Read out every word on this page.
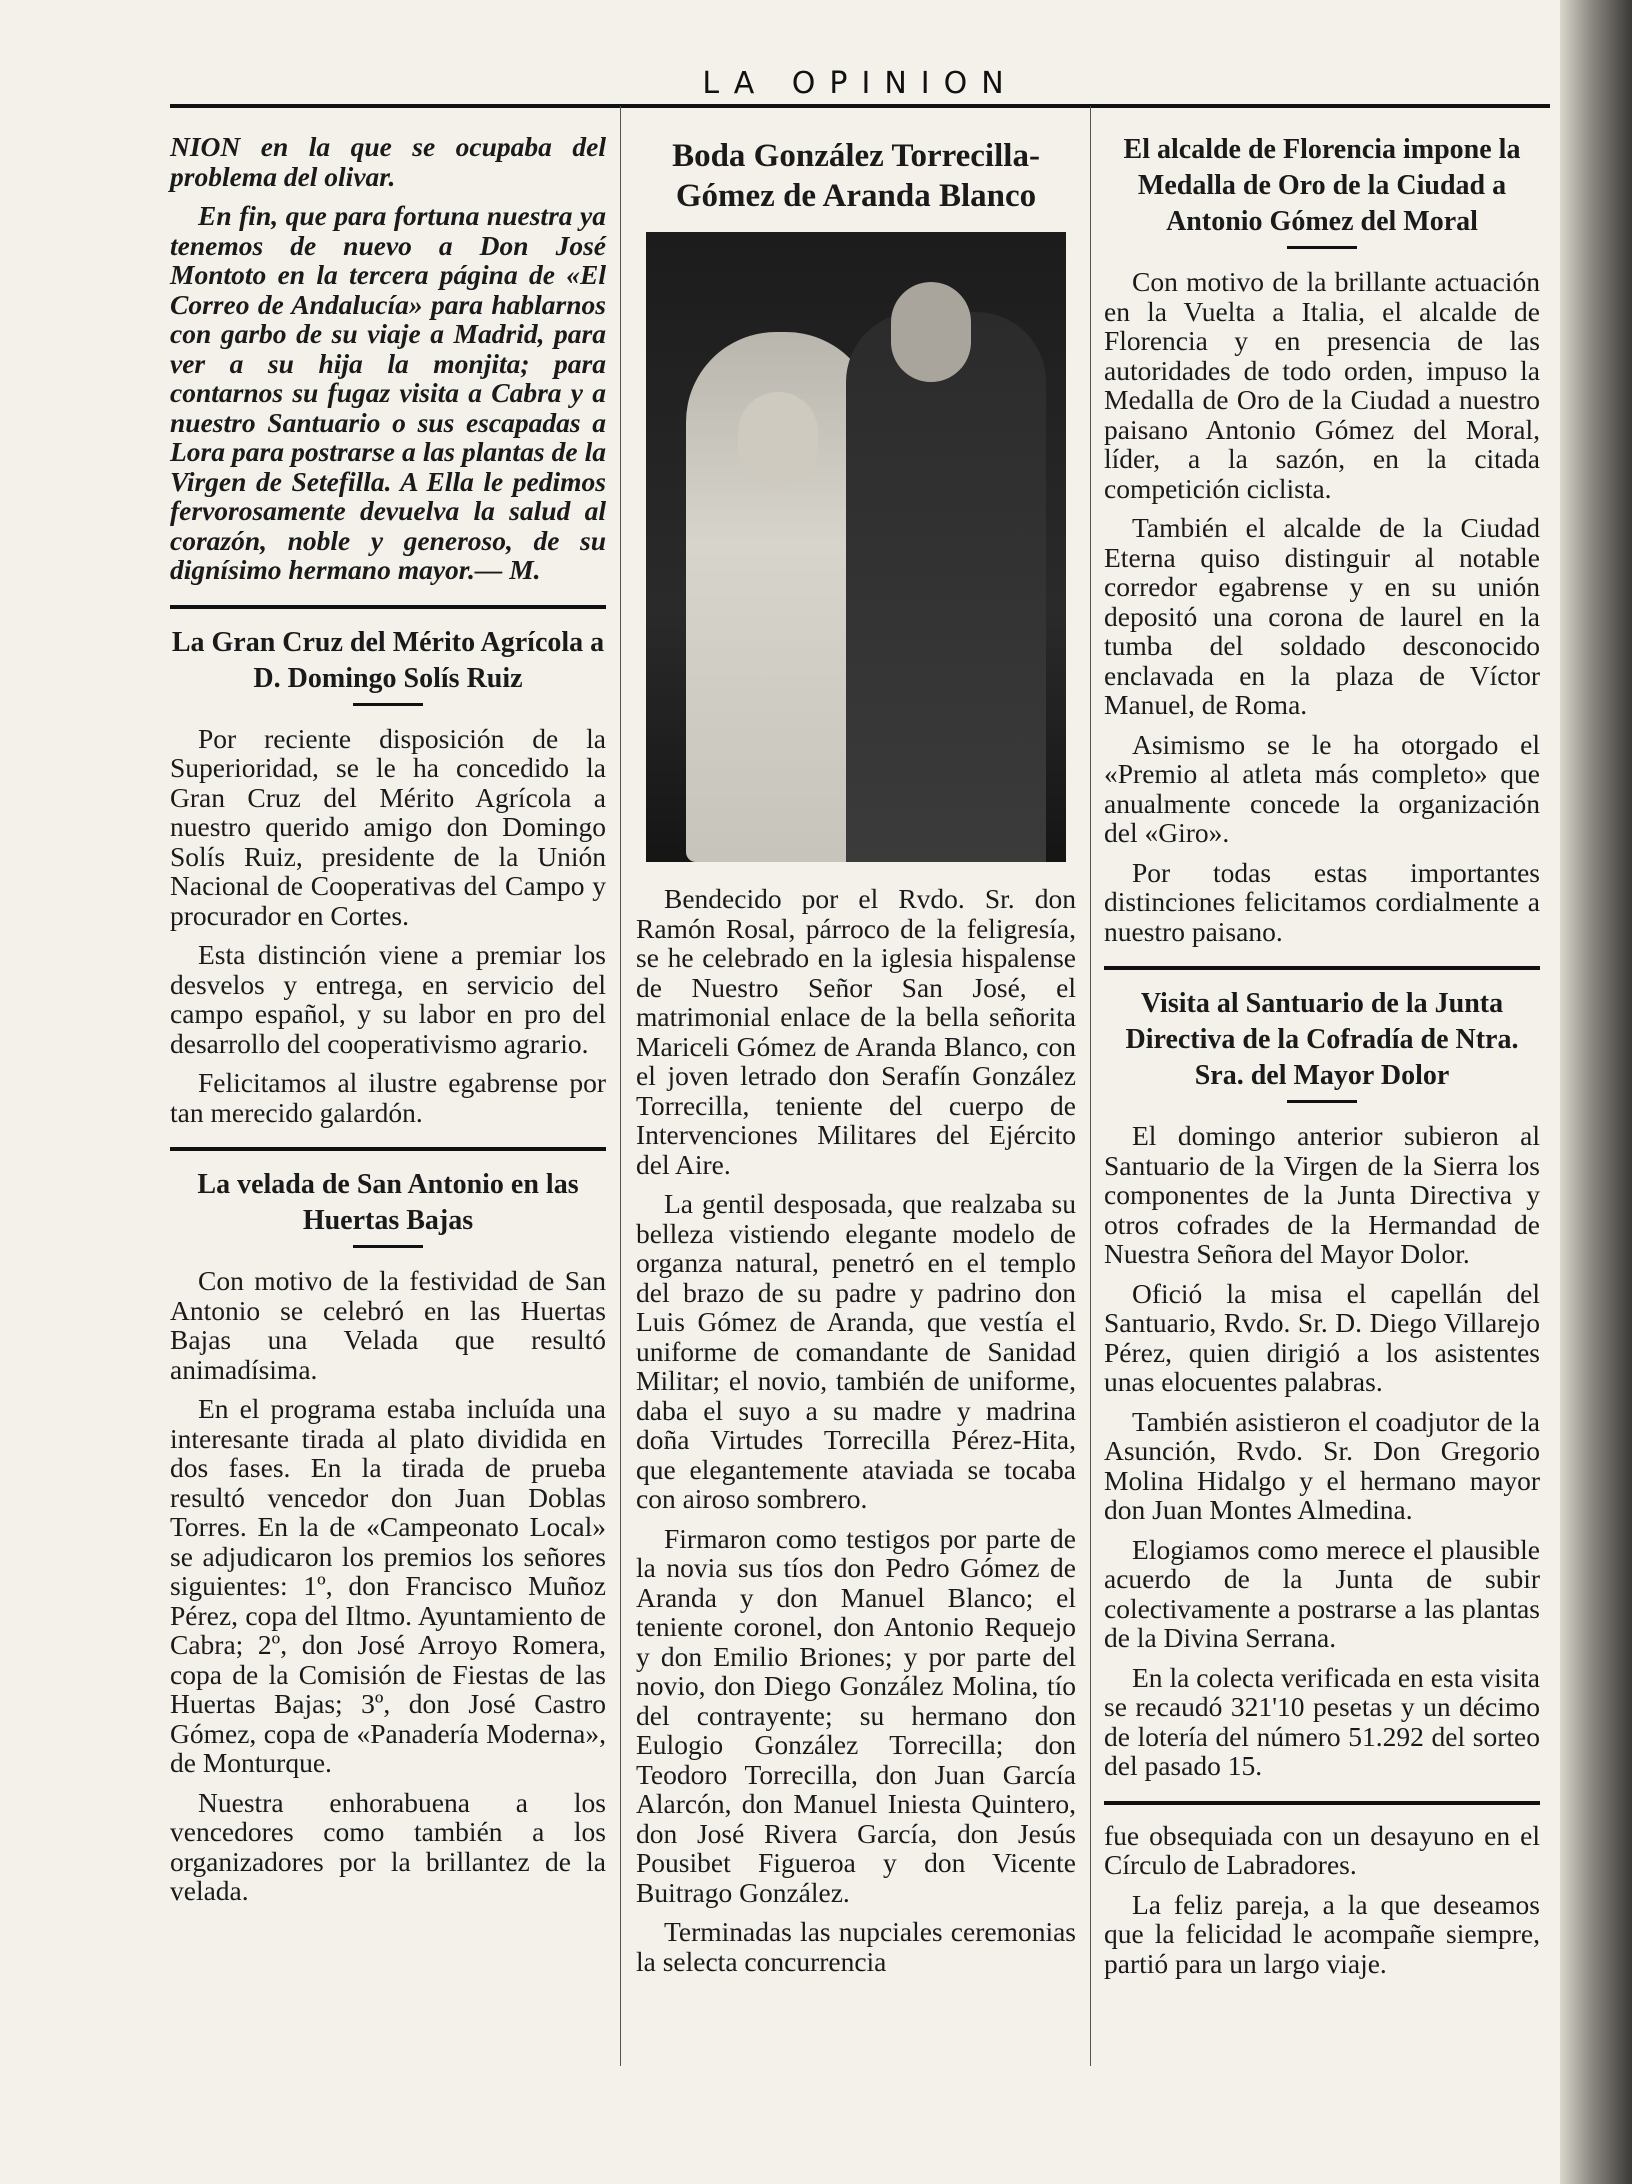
LA OPINION

NION en la que se ocupaba del problema del olivar.

En fin, que para fortuna nuestra ya tenemos de nuevo a Don José Montoto en la tercera página de «El Correo de Andalucía» para hablarnos con garbo de su viaje a Madrid, para ver a su hija la monjita; para contarnos su fugaz visita a Cabra y a nuestro Santuario o sus escapadas a Lora para postrarse a las plantas de la Virgen de Setefilla. A Ella le pedimos fervorosamente devuelva la salud al corazón, noble y generoso, de su dignísimo hermano mayor.— M.

La Gran Cruz del Mérito Agrícola a D. Domingo Solís Ruiz

Por reciente disposición de la Superioridad, se le ha concedido la Gran Cruz del Mérito Agrícola a nuestro querido amigo don Domingo Solís Ruiz, presidente de la Unión Nacional de Cooperativas del Campo y procurador en Cortes.

Esta distinción viene a premiar los desvelos y entrega, en servicio del campo español, y su labor en pro del desarrollo del cooperativismo agrario.

Felicitamos al ilustre egabrense por tan merecido galardón.

La velada de San Antonio en las Huertas Bajas

Con motivo de la festividad de San Antonio se celebró en las Huertas Bajas una Velada que resultó animadísima.

En el programa estaba incluída una interesante tirada al plato dividida en dos fases. En la tirada de prueba resultó vencedor don Juan Doblas Torres. En la de «Campeonato Local» se adjudicaron los premios los señores siguientes: 1º, don Francisco Muñoz Pérez, copa del Iltmo. Ayuntamiento de Cabra; 2º, don José Arroyo Romera, copa de la Comisión de Fiestas de las Huertas Bajas; 3º, don José Castro Gómez, copa de «Panadería Moderna», de Monturque.

Nuestra enhorabuena a los vencedores como también a los organizadores por la brillantez de la velada.

Boda González Torrecilla-Gómez de Aranda Blanco

Bendecido por el Rvdo. Sr. don Ramón Rosal, párroco de la feligresía, se he celebrado en la iglesia hispalense de Nuestro Señor San José, el matrimonial enlace de la bella señorita Mariceli Gómez de Aranda Blanco, con el joven letrado don Serafín González Torrecilla, teniente del cuerpo de Intervenciones Militares del Ejército del Aire.

La gentil desposada, que realzaba su belleza vistiendo elegante modelo de organza natural, penetró en el templo del brazo de su padre y padrino don Luis Gómez de Aranda, que vestía el uniforme de comandante de Sanidad Militar; el novio, también de uniforme, daba el suyo a su madre y madrina doña Virtudes Torrecilla Pérez-Hita, que elegantemente ataviada se tocaba con airoso sombrero.

Firmaron como testigos por parte de la novia sus tíos don Pedro Gómez de Aranda y don Manuel Blanco; el teniente coronel, don Antonio Requejo y don Emilio Briones; y por parte del novio, don Diego González Molina, tío del contrayente; su hermano don Eulogio González Torrecilla; don Teodoro Torrecilla, don Juan García Alarcón, don Manuel Iniesta Quintero, don José Rivera García, don Jesús Pousibet Figueroa y don Vicente Buitrago González.

Terminadas las nupciales ceremonias la selecta concurrencia

El alcalde de Florencia impone la Medalla de Oro de la Ciudad a Antonio Gómez del Moral

Con motivo de la brillante actuación en la Vuelta a Italia, el alcalde de Florencia y en presencia de las autoridades de todo orden, impuso la Medalla de Oro de la Ciudad a nuestro paisano Antonio Gómez del Moral, líder, a la sazón, en la citada competición ciclista.

También el alcalde de la Ciudad Eterna quiso distinguir al notable corredor egabrense y en su unión depositó una corona de laurel en la tumba del soldado desconocido enclavada en la plaza de Víctor Manuel, de Roma.

Asimismo se le ha otorgado el «Premio al atleta más completo» que anualmente concede la organización del «Giro».

Por todas estas importantes distinciones felicitamos cordialmente a nuestro paisano.

Visita al Santuario de la Junta Directiva de la Cofradía de Ntra. Sra. del Mayor Dolor

El domingo anterior subieron al Santuario de la Virgen de la Sierra los componentes de la Junta Directiva y otros cofrades de la Hermandad de Nuestra Señora del Mayor Dolor.

Ofició la misa el capellán del Santuario, Rvdo. Sr. D. Diego Villarejo Pérez, quien dirigió a los asistentes unas elocuentes palabras.

También asistieron el coadjutor de la Asunción, Rvdo. Sr. Don Gregorio Molina Hidalgo y el hermano mayor don Juan Montes Almedina.

Elogiamos como merece el plausible acuerdo de la Junta de subir colectivamente a postrarse a las plantas de la Divina Serrana.

En la colecta verificada en esta visita se recaudó 321'10 pesetas y un décimo de lotería del número 51.292 del sorteo del pasado 15.

fue obsequiada con un desayuno en el Círculo de Labradores.

La feliz pareja, a la que deseamos que la felicidad le acompañe siempre, partió para un largo viaje.
